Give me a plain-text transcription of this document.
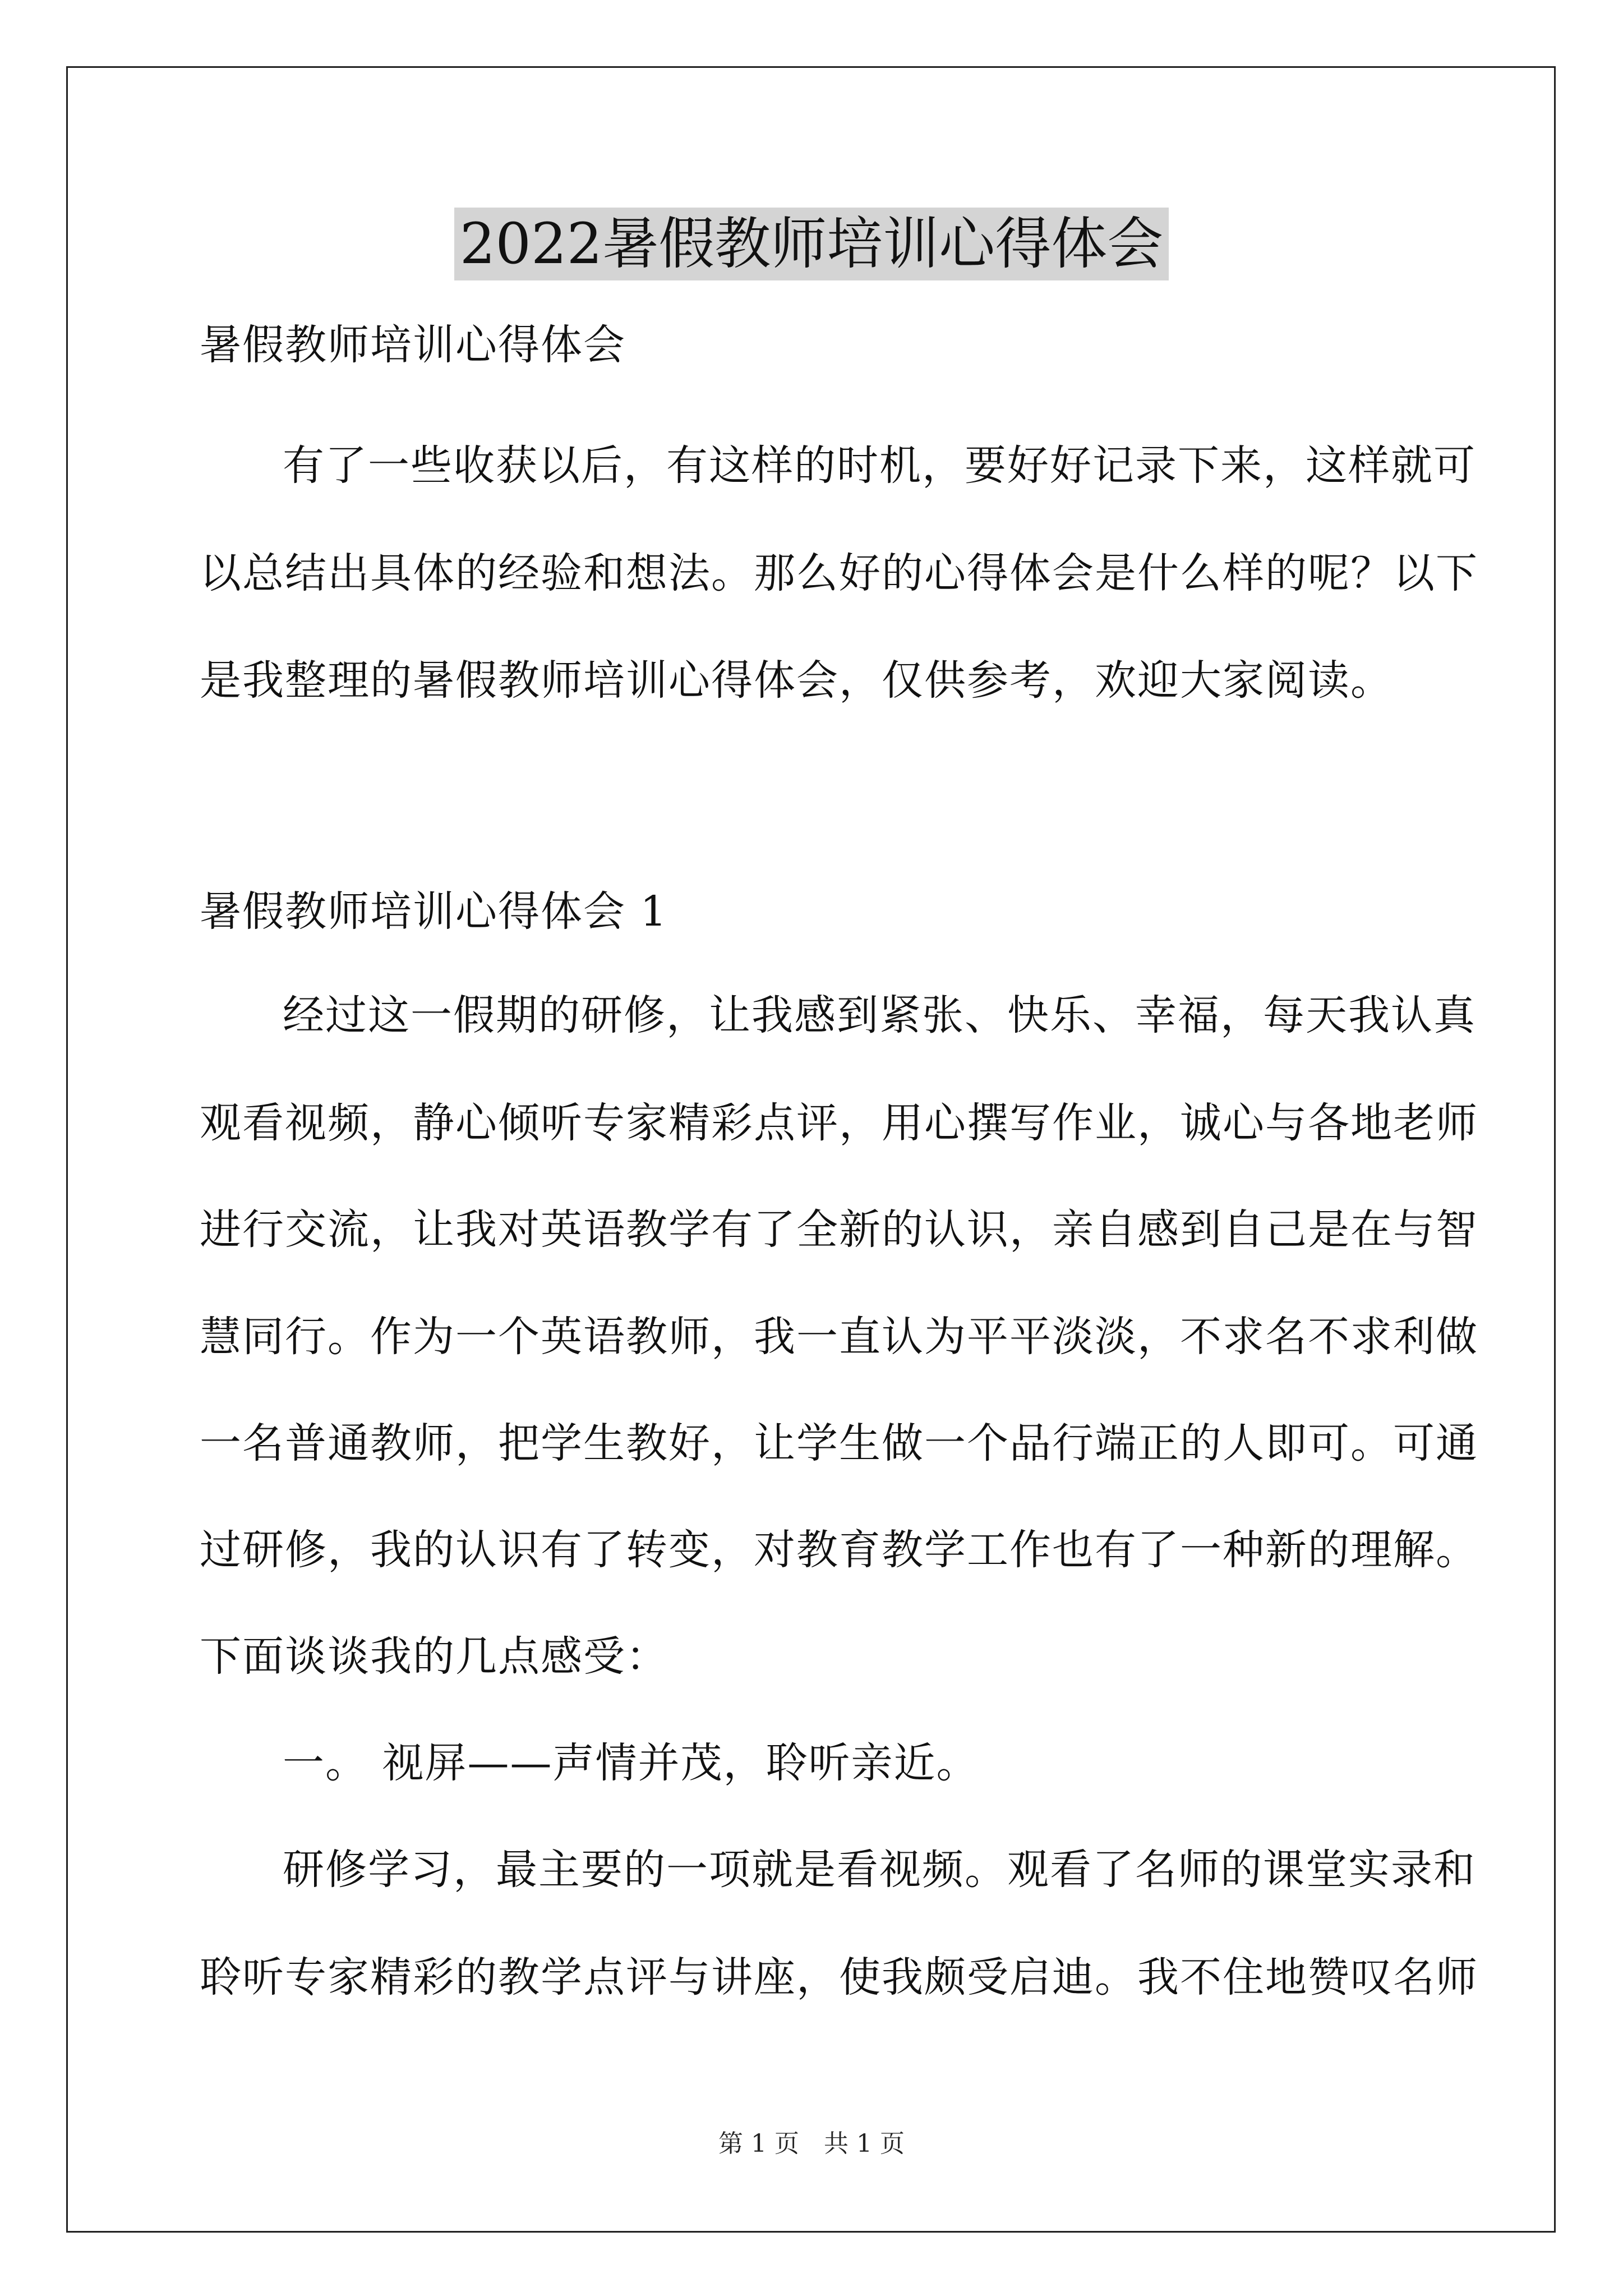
2022暑假教师培训心得体会
暑假教师培训心得体会
有了一些收获以后，有这样的时机，要好好记录下来，这样就可
以总结出具体的经验和想法。那么好的心得体会是什么样的呢？以下
是我整理的暑假教师培训心得体会，仅供参考，欢迎大家阅读。
暑假教师培训心得体会 1
经过这一假期的研修，让我感到紧张、快乐、幸福，每天我认真
观看视频，静心倾听专家精彩点评，用心撰写作业，诚心与各地老师
进行交流，让我对英语教学有了全新的认识，亲自感到自己是在与智
慧同行。作为一个英语教师，我一直认为平平淡淡，不求名不求利做
一名普通教师，把学生教好，让学生做一个品行端正的人即可。可通
过研修，我的认识有了转变，对教育教学工作也有了一种新的理解。
下面谈谈我的几点感受：
一。 视屏——声情并茂，聆听亲近。
研修学习，最主要的一项就是看视频。观看了名师的课堂实录和
聆听专家精彩的教学点评与讲座，使我颇受启迪。我不住地赞叹名师
第 1 页　共 1 页
